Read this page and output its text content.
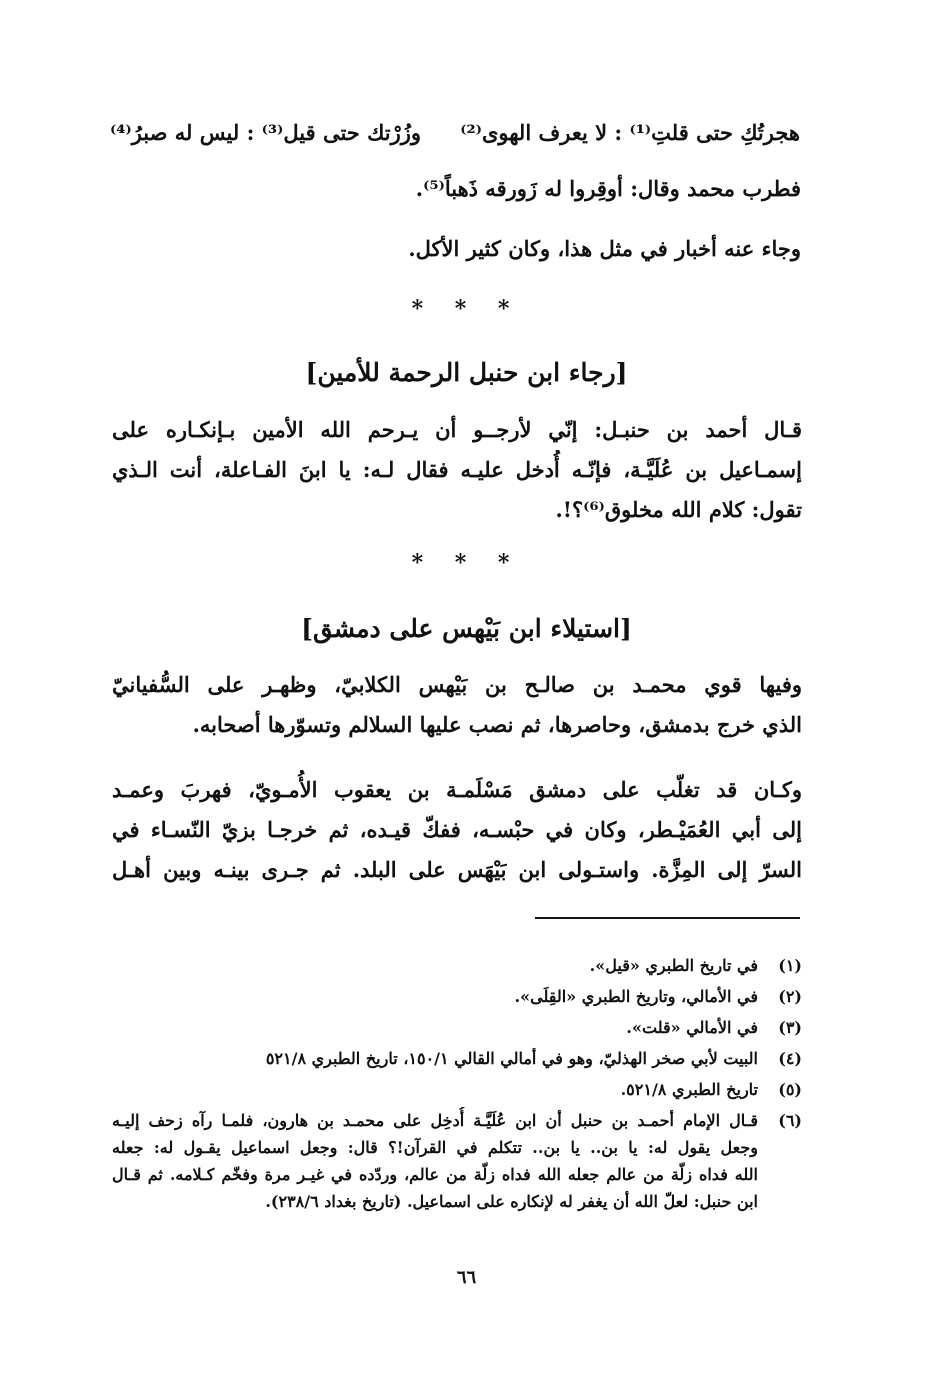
هجرتُكِ حتى قلتِ⁽¹⁾ : لا يعرف الهوى⁽²⁾
وزُرْتك حتى قيل⁽³⁾ : ليس له صبرُ⁽⁴⁾
فطرب محمد وقال: أوقِروا له زَورقه ذَهباً⁽⁵⁾.
وجاء عنه أخبار في مثل هذا، وكان كثير الأكل.
* * *
[رجاء ابن حنبل الرحمة للأمين]
قـال أحمد بن حنبـل: إنّي لأرجــو أن يـرحم الله الأمين بـإنكـاره على
إسمـاعيل بن عُلَيَّـة، فإنّـه أُدخل عليـه فقال لـه: يا ابنَ الفـاعلة، أنت الـذي
تقول: كلام الله مخلوق⁽⁶⁾؟!.
* * *
[استيلاء ابن بَيْهس على دمشق]
وفيها قوي محمـد بن صالـح بن بَيْهس الكلابيّ، وظهـر على السُّفيانيّ
الذي خرج بدمشق، وحاصرها، ثم نصب عليها السلالم وتسوّرها أصحابه.
وكـان قد تغلّب على دمشق مَسْلَمـة بن يعقوب الأُمـويّ، فهربَ وعمـد
إلى أبي العُمَيْـطر، وكان في حبْسـه، ففكّ قيـده، ثم خرجـا بزيّ النّسـاء في
السرّ إلى المِزَّة. واستـولى ابن بَيْهَس على البلد. ثم جـرى بينـه وبين أهـل
(١)
في تاريخ الطبري «قيل».
(٢)
في الأمالي، وتاريخ الطبري «القِلَى».
(٣)
في الأمالي «قلت».
(٤)
البيت لأبي صخر الهذليّ، وهو في أمالي القالي ١٥٠/١، تاريخ الطبري ٥٢١/٨
(٥)
تاريخ الطبري ٥٢١/٨.
(٦)
قـال الإمام أحمـد بن حنبل أن ابن عُلَيَّـة أُدخِل على محمـد بن هارون، فلمـا رآه زحف إليـه
وجعل يقول له: يا بن.. يا بن.. تتكلم في القرآن!؟ قال: وجعل اسماعيل يقـول له: جعله
الله فداه زلّة من عالم جعله الله فداه زلّة من عالم، وردّده في غيـر مرة وفخّم كـلامه. ثم قـال
ابن حنبل: لعلّ الله أن يغفر له لإنكاره على اسماعيل. (تاريخ بغداد ٢٣٨/٦).
٦٦
